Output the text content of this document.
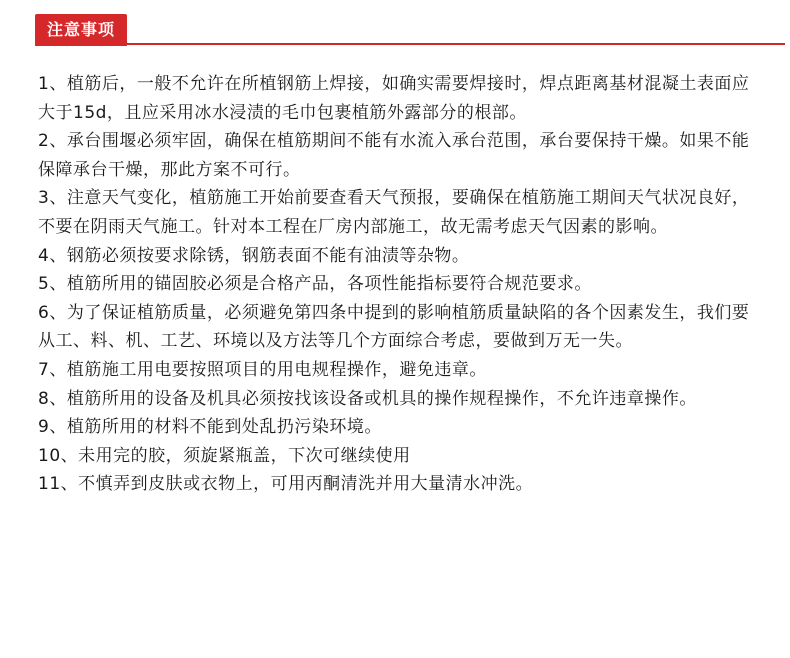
注意事项
1、植筋后，一般不允许在所植钢筋上焊接，如确实需要焊接时，焊点距离基材混凝土表面应大于15d，且应采用冰水浸渍的毛巾包裹植筋外露部分的根部。
2、承台围堰必须牢固，确保在植筋期间不能有水流入承台范围，承台要保持干燥。如果不能保障承台干燥，那此方案不可行。
3、注意天气变化，植筋施工开始前要查看天气预报，要确保在植筋施工期间天气状况良好，不要在阴雨天气施工。针对本工程在厂房内部施工，故无需考虑天气因素的影响。
4、钢筋必须按要求除锈，钢筋表面不能有油渍等杂物。
5、植筋所用的锚固胶必须是合格产品，各项性能指标要符合规范要求。
6、为了保证植筋质量，必须避免第四条中提到的影响植筋质量缺陷的各个因素发生，我们要从工、料、机、工艺、环境以及方法等几个方面综合考虑，要做到万无一失。
7、植筋施工用电要按照项目的用电规程操作，避免违章。
8、植筋所用的设备及机具必须按找该设备或机具的操作规程操作，不允许违章操作。
9、植筋所用的材料不能到处乱扔污染环境。
10、未用完的胶，须旋紧瓶盖，下次可继续使用
11、不慎弄到皮肤或衣物上，可用丙酮清洗并用大量清水冲洗。
